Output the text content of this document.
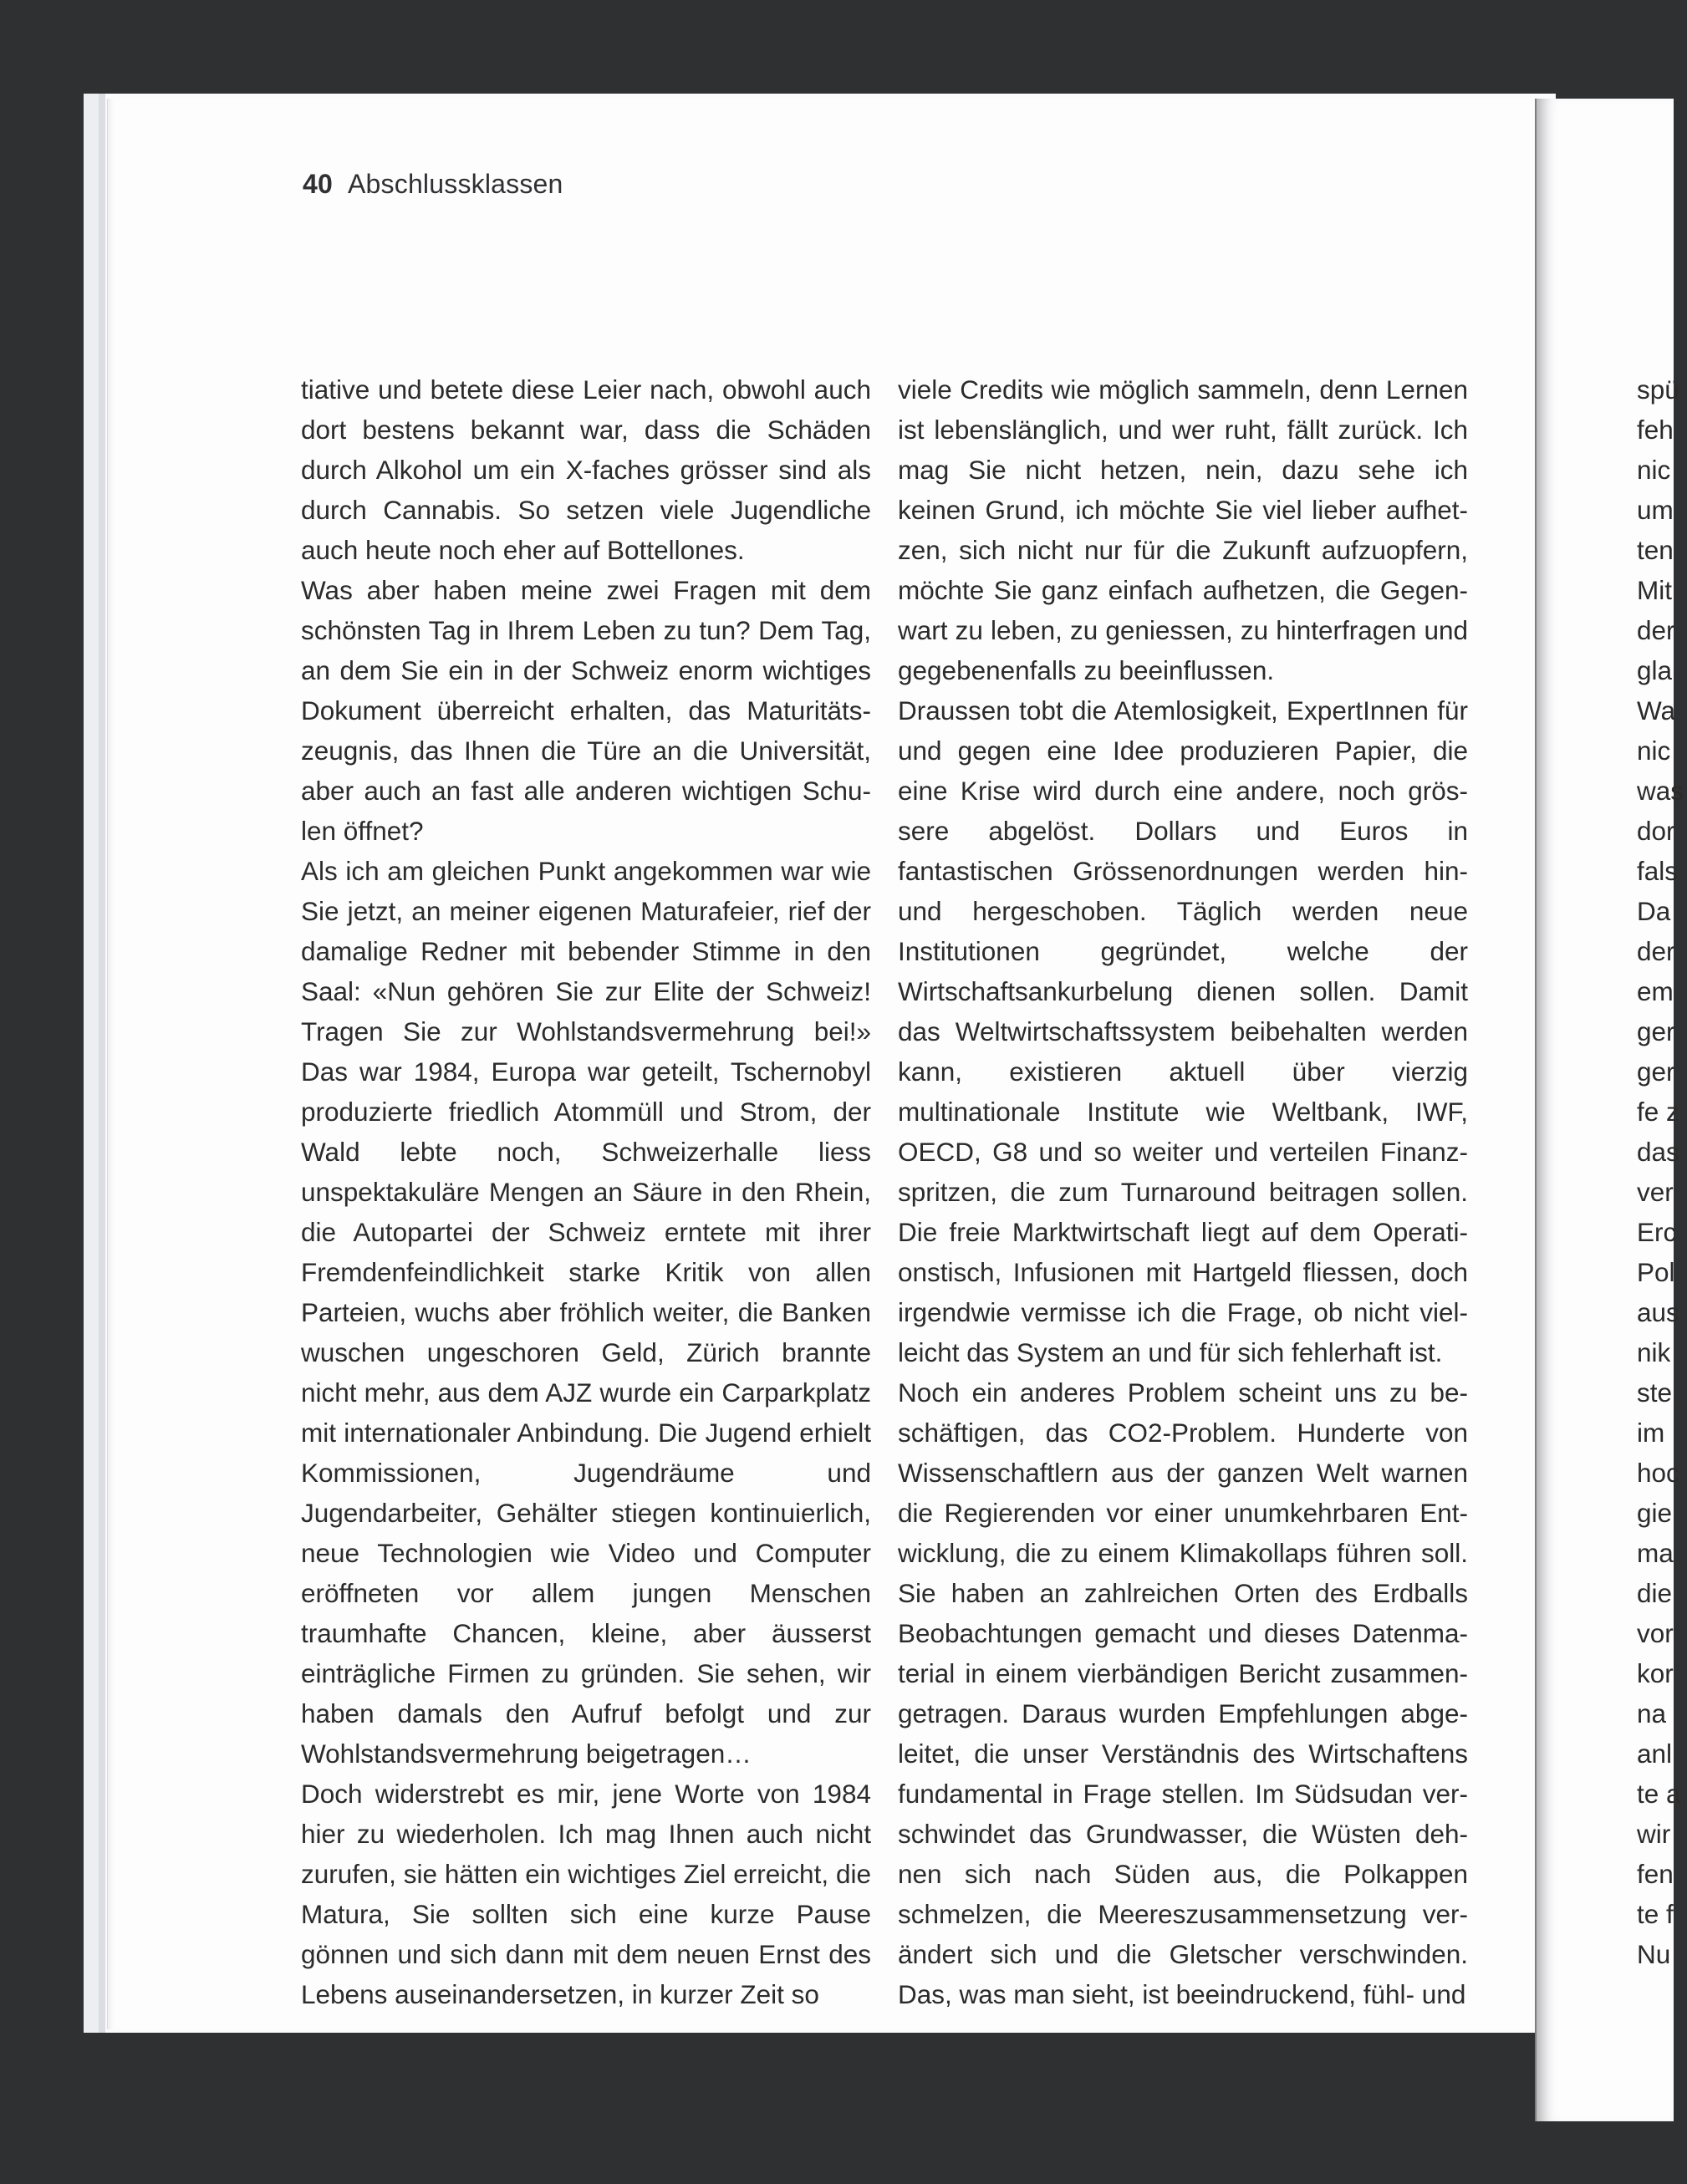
40 Abschlussklassen

tiative und betete diese Leier nach, obwohl auch dort bestens bekannt war, dass die Schäden durch Alkohol um ein X-faches grösser sind als durch Cannabis. So setzen viele Jugendliche auch heute noch eher auf Bottellones.

Was aber haben meine zwei Fragen mit dem schönsten Tag in Ihrem Leben zu tun? Dem Tag, an dem Sie ein in der Schweiz enorm wichtiges Dokument überreicht erhalten, das Maturitätszeugnis, das Ihnen die Türe an die Universität, aber auch an fast alle anderen wichtigen Schulen öffnet?

Als ich am gleichen Punkt angekommen war wie Sie jetzt, an meiner eigenen Maturafeier, rief der damalige Redner mit bebender Stimme in den Saal: «Nun gehören Sie zur Elite der Schweiz! Tragen Sie zur Wohlstandsvermehrung bei!» Das war 1984, Europa war geteilt, Tschernobyl produzierte friedlich Atommüll und Strom, der Wald lebte noch, Schweizerhalle liess unspektakuläre Mengen an Säure in den Rhein, die Autopartei der Schweiz erntete mit ihrer Fremdenfeindlichkeit starke Kritik von allen Parteien, wuchs aber fröhlich weiter, die Banken wuschen ungeschoren Geld, Zürich brannte nicht mehr, aus dem AJZ wurde ein Carparkplatz mit internationaler Anbindung. Die Jugend erhielt Kommissionen, Jugendräume und Jugendarbeiter, Gehälter stiegen kontinuierlich, neue Technologien wie Video und Computer eröffneten vor allem jungen Menschen traumhafte Chancen, kleine, aber äusserst einträgliche Firmen zu gründen. Sie sehen, wir haben damals den Aufruf befolgt und zur Wohlstandsvermehrung beigetragen…

Doch widerstrebt es mir, jene Worte von 1984 hier zu wiederholen. Ich mag Ihnen auch nicht zurufen, sie hätten ein wichtiges Ziel erreicht, die Matura, Sie sollten sich eine kurze Pause gönnen und sich dann mit dem neuen Ernst des Lebens auseinandersetzen, in kurzer Zeit so

viele Credits wie möglich sammeln, denn Lernen ist lebenslänglich, und wer ruht, fällt zurück. Ich mag Sie nicht hetzen, nein, dazu sehe ich keinen Grund, ich möchte Sie viel lieber aufhetzen, sich nicht nur für die Zukunft aufzuopfern, möchte Sie ganz einfach aufhetzen, die Gegenwart zu leben, zu geniessen, zu hinterfragen und gegebenenfalls zu beeinflussen.

Draussen tobt die Atemlosigkeit, ExpertInnen für und gegen eine Idee produzieren Papier, die eine Krise wird durch eine andere, noch grössere abgelöst. Dollars und Euros in fantastischen Grössenordnungen werden hin- und hergeschoben. Täglich werden neue Institutionen gegründet, welche der Wirtschaftsankurbelung dienen sollen. Damit das Weltwirtschaftssystem beibehalten werden kann, existieren aktuell über vierzig multinationale Institute wie Weltbank, IWF, OECD, G8 und so weiter und verteilen Finanzspritzen, die zum Turnaround beitragen sollen. Die freie Marktwirtschaft liegt auf dem Operationstisch, Infusionen mit Hartgeld fliessen, doch irgendwie vermisse ich die Frage, ob nicht vielleicht das System an und für sich fehlerhaft ist.

Noch ein anderes Problem scheint uns zu beschäftigen, das CO2-Problem. Hunderte von Wissenschaftlern aus der ganzen Welt warnen die Regierenden vor einer unumkehrbaren Entwicklung, die zu einem Klimakollaps führen soll. Sie haben an zahlreichen Orten des Erdballs Beobachtungen gemacht und dieses Datenmaterial in einem vierbändigen Bericht zusammengetragen. Daraus wurden Empfehlungen abgeleitet, die unser Verständnis des Wirtschaftens fundamental in Frage stellen. Im Südsudan verschwindet das Grundwasser, die Wüsten dehnen sich nach Süden aus, die Polkappen schmelzen, die Meereszusammensetzung verändert sich und die Gletscher verschwinden. Das, was man sieht, ist beeindruckend, fühl- und

spü
feh
nic
um
ten
Mit
der
gla
Wa
nic
was
dor
fals
Da
der
em
ger
ger
fe z
das
ver
Erc
Pol
aus
nik
ste
im
hoc
gie
ma
die
vor
kor
na
anl
te a
wir
fen
te f
Nu
